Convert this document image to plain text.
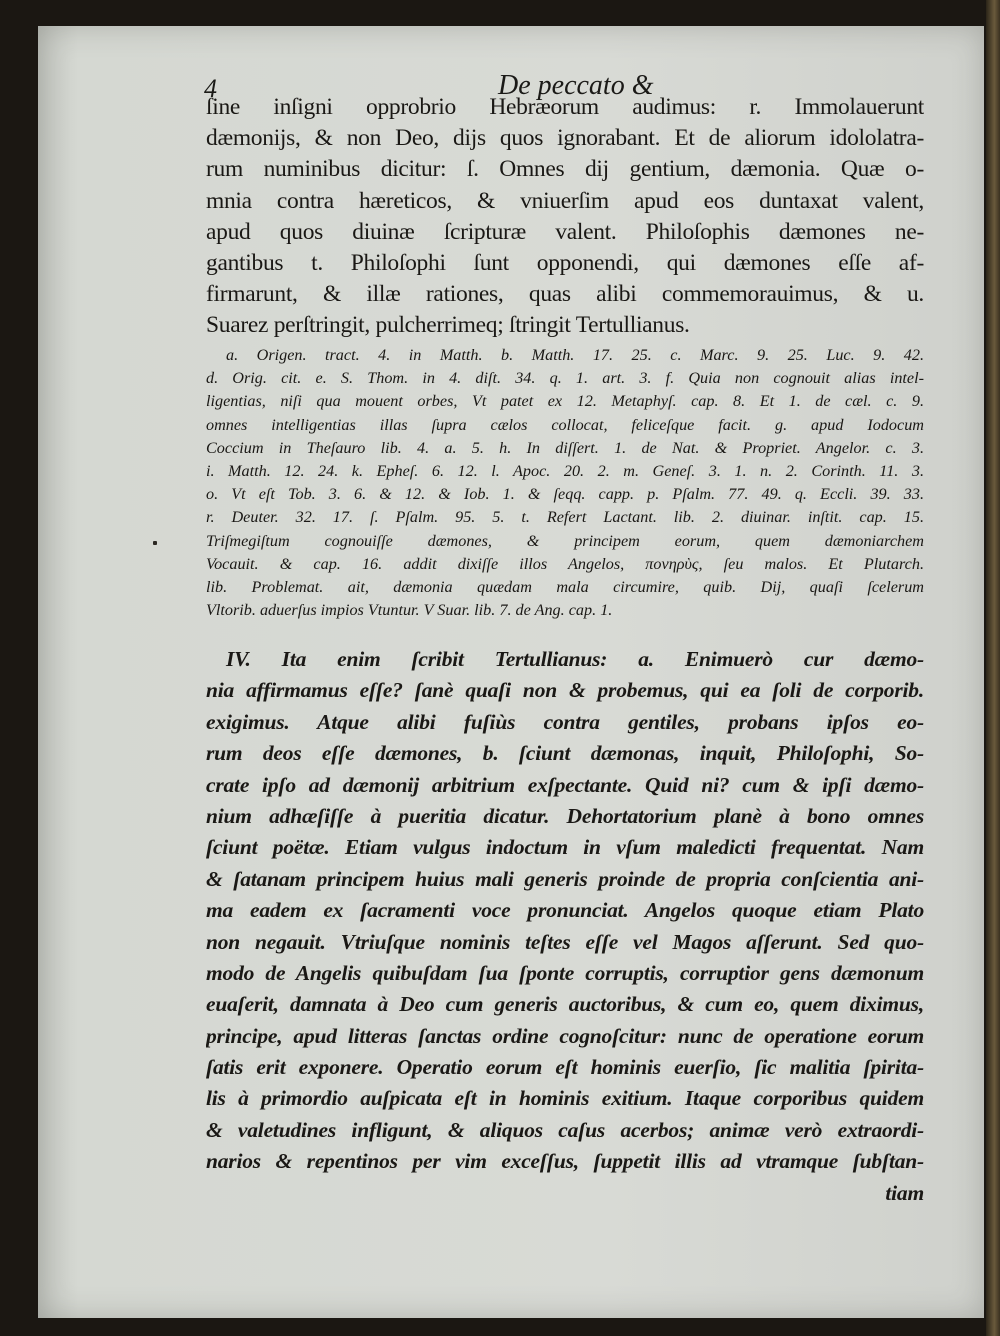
4	De peccato &
ſine inſigni opprobrio Hebræorum audimus: r. Immolauerunt
dæmonijs, & non Deo, dijs quos ignorabant. Et de aliorum idololatra-
rum numinibus dicitur: ſ. Omnes dij gentium, dæmonia. Quæ o-
mnia contra hæreticos, & vniuerſim apud eos duntaxat valent,
apud quos diuinæ ſcripturæ valent. Philoſophis dæmones ne-
gantibus t. Philoſophi ſunt opponendi, qui dæmones eſſe af-
firmarunt, & illæ rationes, quas alibi commemorauimus, & u.
Suarez perſtringit, pulcherrimeq; ſtringit Tertullianus.
a. Origen. tract. 4. in Matth. b. Matth. 17. 25. c. Marc. 9. 25. Luc. 9. 42.
d. Orig. cit. e. S. Thom. in 4. diſt. 34. q. 1. art. 3. f. Quia non cognouit alias intel-
ligentias, niſi qua mouent orbes, Vt patet ex 12. Metaphyſ. cap. 8. Et 1. de cæl. c. 9.
omnes intelligentias illas ſupra cælos collocat, feliceſque facit. g. apud Iodocum
Coccium in Theſauro lib. 4. a. 5. h. In diſſert. 1. de Nat. & Propriet. Angelor. c. 3.
i. Matth. 12. 24. k. Epheſ. 6. 12. l. Apoc. 20. 2. m. Geneſ. 3. 1. n. 2. Corinth. 11. 3.
o. Vt eſt Tob. 3. 6. & 12. & Iob. 1. & ſeqq. capp. p. Pſalm. 77. 49. q. Eccli. 39. 33.
r. Deuter. 32. 17. ſ. Pſalm. 95. 5. t. Refert Lactant. lib. 2. diuinar. inſtit. cap. 15.
Triſmegiſtum cognouiſſe dæmones, & principem eorum, quem dæmoniarchem
Vocauit. & cap. 16. addit dixiſſe illos Angelos, πονηρὺς, ſeu malos. Et Plutarch.
lib. Problemat. ait, dæmonia quædam mala circumire, quib. Dij, quaſi ſcelerum
Vltorib. aduerſus impios Vtuntur. V Suar. lib. 7. de Ang. cap. 1.
IV. Ita enim ſcribit Tertullianus: a. Enimuerò cur dæmo-
nia affirmamus eſſe? ſanè quaſi non & probemus, qui ea ſoli de corporib.
exigimus. Atque alibi fuſiùs contra gentiles, probans ipſos eo-
rum deos eſſe dæmones, b. ſciunt dæmonas, inquit, Philoſophi, So-
crate ipſo ad dæmonij arbitrium exſpectante. Quid ni? cum & ipſi dæmo-
nium adhæſiſſe à pueritia dicatur. Dehortatorium planè à bono omnes
ſciunt poëtæ. Etiam vulgus indoctum in vſum maledicti frequentat. Nam
& ſatanam principem huius mali generis proinde de propria conſcientia ani-
ma eadem ex ſacramenti voce pronunciat. Angelos quoque etiam Plato
non negauit. Vtriuſque nominis teſtes eſſe vel Magos aſſerunt. Sed quo-
modo de Angelis quibuſdam ſua ſponte corruptis, corruptior gens dæmonum
euaſerit, damnata à Deo cum generis auctoribus, & cum eo, quem diximus,
principe, apud litteras ſanctas ordine cognoſcitur: nunc de operatione eorum
ſatis erit exponere. Operatio eorum eſt hominis euerſio, ſic malitia ſpirita-
lis à primordio auſpicata eſt in hominis exitium. Itaque corporibus quidem
& valetudines infligunt, & aliquos caſus acerbos; animæ verò extraordi-
narios & repentinos per vim exceſſus, ſuppetit illis ad vtramque ſubſtan-
tiam
